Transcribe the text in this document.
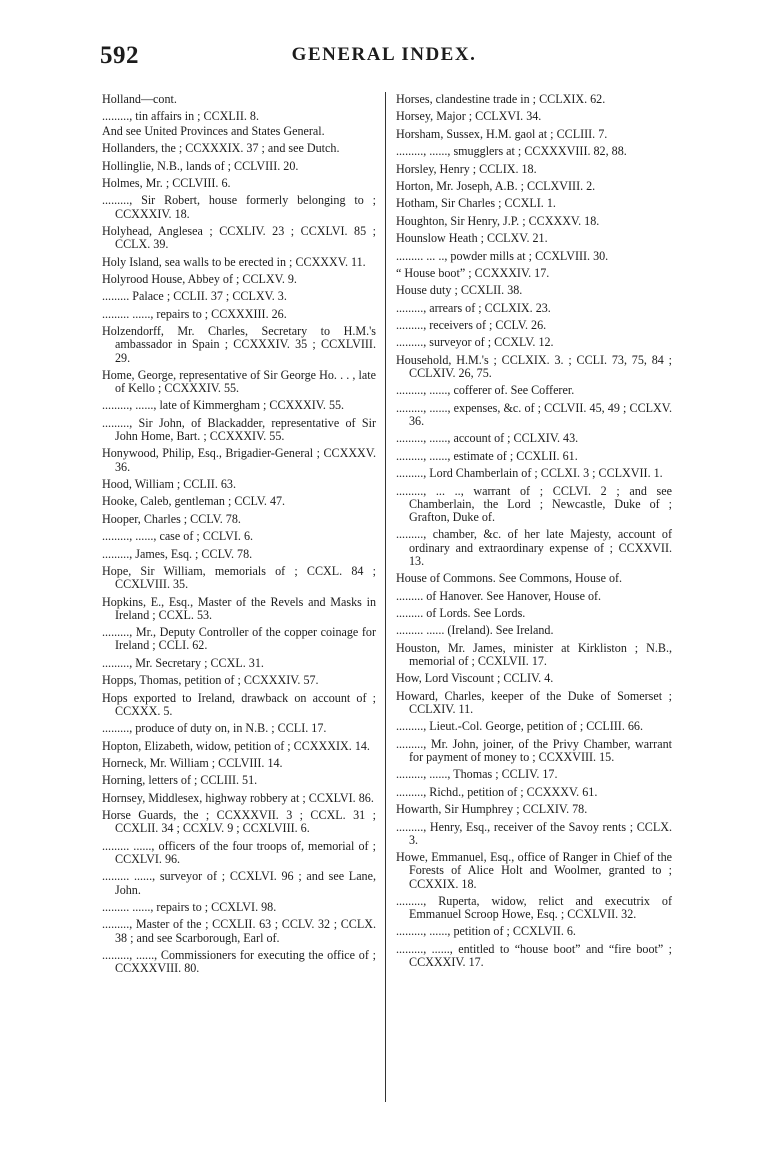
592	GENERAL INDEX.
Holland—cont.
........., tin affairs in ; CCXLII. 8.
And see United Provinces and States General.
Hollanders, the ; CCXXXIX. 37 ; and see Dutch.
Hollinglie, N.B., lands of ; CCLVIII. 20.
Holmes, Mr. ; CCLVIII. 6.
........., Sir Robert, house formerly belonging to ; CCXXXIV. 18.
Holyhead, Anglesea ; CCXLIV. 23 ; CCXLVI. 85 ; CCLX. 39.
Holy Island, sea walls to be erected in ; CCXXXV. 11.
Holyrood House, Abbey of ; CCLXV. 9.
......... Palace ; CCLII. 37 ; CCLXV. 3.
......... ......, repairs to ; CCXXXIII. 26.
Holzendorff, Mr. Charles, Secretary to H.M.'s ambassador in Spain ; CCXXXIV. 35 ; CCXLVIII. 29.
Home, George, representative of Sir George Ho. . . , late of Kello ; CCXXXIV. 55.
........., ......, late of Kimmergham ; CCXXXIV. 55.
........., Sir John, of Blackadder, representative of Sir John Home, Bart. ; CCXXXIV. 55.
Honywood, Philip, Esq., Brigadier-General ; CCXXXV. 36.
Hood, William ; CCLII. 63.
Hooke, Caleb, gentleman ; CCLV. 47.
Hooper, Charles ; CCLV. 78.
........., ......, case of ; CCLVI. 6.
........., James, Esq. ; CCLV. 78.
Hope, Sir William, memorials of ; CCXL. 84 ; CCXLVIII. 35.
Hopkins, E., Esq., Master of the Revels and Masks in Ireland ; CCXL. 53.
........., Mr., Deputy Controller of the copper coinage for Ireland ; CCLI. 62.
........., Mr. Secretary ; CCXL. 31.
Hopps, Thomas, petition of ; CCXXXIV. 57.
Hops exported to Ireland, drawback on account of ; CCXXX. 5.
........., produce of duty on, in N.B. ; CCLI. 17.
Hopton, Elizabeth, widow, petition of ; CCXXXIX. 14.
Horneck, Mr. William ; CCLVIII. 14.
Horning, letters of ; CCLIII. 51.
Hornsey, Middlesex, highway robbery at ; CCXLVI. 86.
Horse Guards, the ; CCXXXVII. 3 ; CCXL. 31 ; CCXLII. 34 ; CCXLV. 9 ; CCXLVIII. 6.
......... ......, officers of the four troops of, memorial of ; CCXLVI. 96.
......... ......, surveyor of ; CCXLVI. 96 ; and see Lane, John.
......... ......, repairs to ; CCXLVI. 98.
........., Master of the ; CCXLII. 63 ; CCLV. 32 ; CCLX. 38 ; and see Scarborough, Earl of.
........., ......, Commissioners for executing the office of ; CCXXXVIII. 80.
Horses, clandestine trade in ; CCLXIX. 62.
Horsey, Major ; CCLXVI. 34.
Horsham, Sussex, H.M. gaol at ; CCLIII. 7.
........., ......, smugglers at ; CCXXXVIII. 82, 88.
Horsley, Henry ; CCLIX. 18.
Horton, Mr. Joseph, A.B. ; CCLXVIII. 2.
Hotham, Sir Charles ; CCXLI. 1.
Houghton, Sir Henry, J.P. ; CCXXXV. 18.
Hounslow Heath ; CCLXV. 21.
......... ... .., powder mills at ; CCXLVIII. 30.
“ House boot” ; CCXXXIV. 17.
House duty ; CCXLII. 38.
........., arrears of ; CCLXIX. 23.
........., receivers of ; CCLV. 26.
........., surveyor of ; CCXLV. 12.
Household, H.M.'s ; CCLXIX. 3. ; CCLI. 73, 75, 84 ; CCLXIV. 26, 75.
........., ......, cofferer of. See Cofferer.
........., ......, expenses, &c. of ; CCLVII. 45, 49 ; CCLXV. 36.
........., ......, account of ; CCLXIV. 43.
........., ......, estimate of ; CCXLII. 61.
........., Lord Chamberlain of ; CCLXI. 3 ; CCLXVII. 1.
........., ... .., warrant of ; CCLVI. 2 ; and see Chamberlain, the Lord ; Newcastle, Duke of ; Grafton, Duke of.
........., chamber, &c. of her late Majesty, account of ordinary and extraordinary expense of ; CCXXVII. 13.
House of Commons. See Commons, House of.
......... of Hanover. See Hanover, House of.
......... of Lords. See Lords.
......... ...... (Ireland). See Ireland.
Houston, Mr. James, minister at Kirkliston ; N.B., memorial of ; CCXLVII. 17.
How, Lord Viscount ; CCLIV. 4.
Howard, Charles, keeper of the Duke of Somerset ; CCLXIV. 11.
........., Lieut.-Col. George, petition of ; CCLIII. 66.
........., Mr. John, joiner, of the Privy Chamber, warrant for payment of money to ; CCXXVIII. 15.
........., ......, Thomas ; CCLIV. 17.
........., Richd., petition of ; CCXXXV. 61.
Howarth, Sir Humphrey ; CCLXIV. 78.
........., Henry, Esq., receiver of the Savoy rents ; CCLX. 3.
Howe, Emmanuel, Esq., office of Ranger in Chief of the Forests of Alice Holt and Woolmer, granted to ; CCXXIX. 18.
........., Ruperta, widow, relict and executrix of Emmanuel Scroop Howe, Esq. ; CCXLVII. 32.
........., ......, petition of ; CCXLVII. 6.
........., ......, entitled to “house boot” and “fire boot” ; CCXXXIV. 17.
